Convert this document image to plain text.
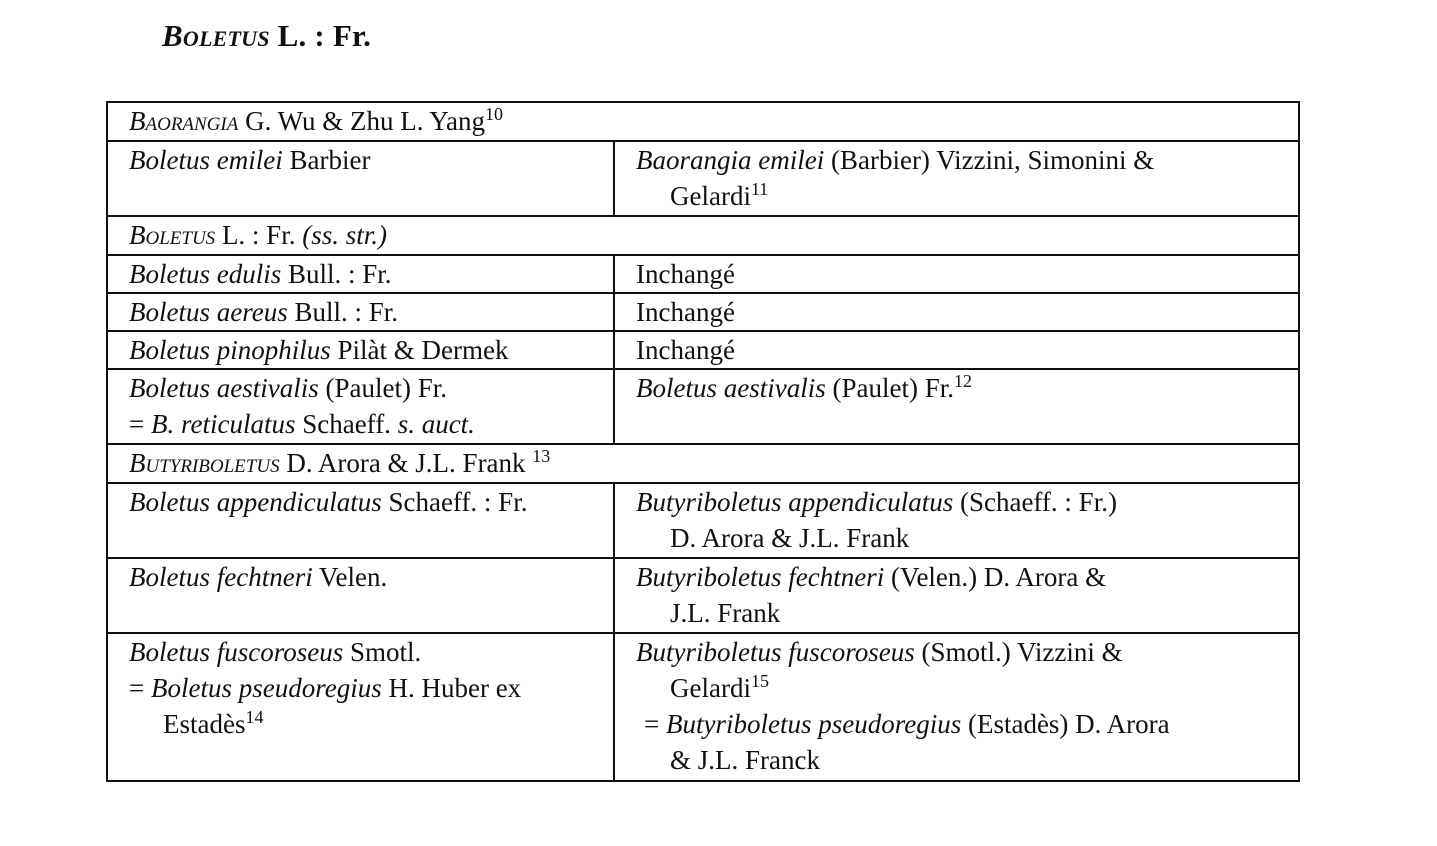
Boletus L. : Fr.
Baorangia G. Wu & Zhu L. Yang$^{10}$

Boletus emilei Barbier	Baorangia emilei (Barbier) Vizzini, Simonini &
Gelardi$^{11}$

Boletus L. : Fr. (ss. str.)	

Boletus edulis Bull. : Fr.	Inchangé

Boletus aereus Bull. : Fr.	Inchangé

Boletus pinophilus Pilàt & Dermek	Inchangé

Boletus aestivalis (Paulet) Fr.
= B. reticulatus Schaeff. s. auct.	Boletus aestivalis (Paulet) Fr.$^{12}$

Butyriboletus D. Arora & J.L. Frank $^{13}$

Boletus appendiculatus Schaeff. : Fr.	Butyriboletus appendiculatus (Schaeff. : Fr.)
D. Arora & J.L. Frank

Boletus fechtneri Velen.	Butyriboletus fechtneri (Velen.) D. Arora &
J.L. Frank

Boletus fuscoroseus Smotl.
= Boletus pseudoregius H. Huber ex
Estadès$^{14}$	Butyriboletus fuscoroseus (Smotl.) Vizzini &
Gelardi$^{15}$
= Butyriboletus pseudoregius (Estadès) D. Arora
& J.L. Franck
